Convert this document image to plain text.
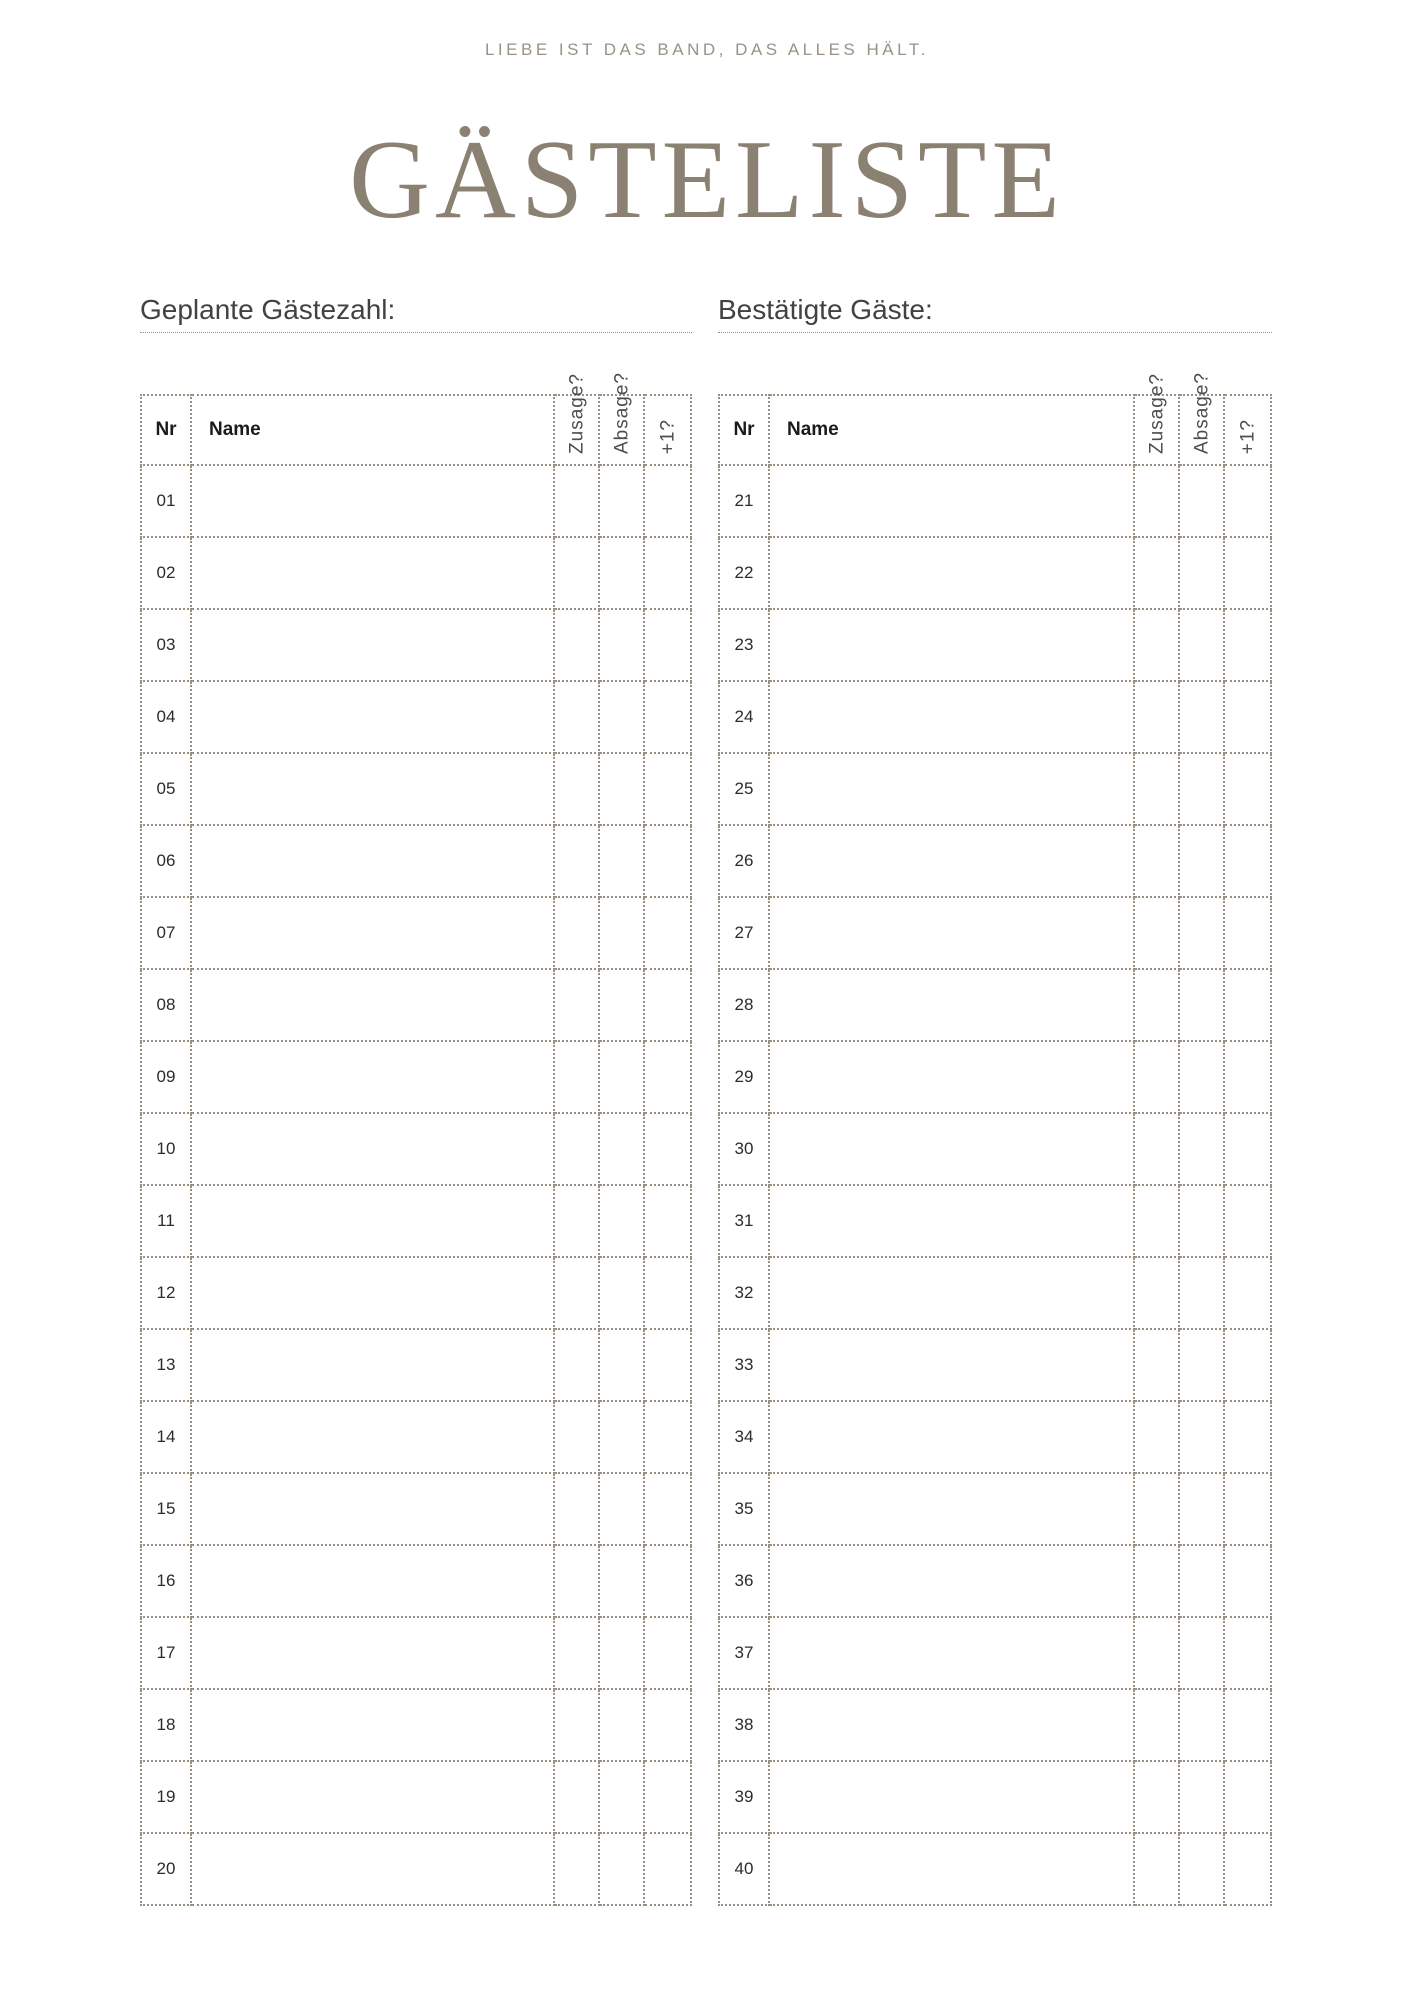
LIEBE IST DAS BAND, DAS ALLES HÄLT.
GÄSTELISTE
Geplante Gästezahl:
Nr	Name	Zusage?	Absage?	+1?

01				
02				
03				
04				
05				
06				
07				
08				
09				
10				
11				
12				
13				
14				
15				
16				
17				
18				
19				
20				
Bestätigte Gäste:
Nr	Name	Zusage?	Absage?	+1?

21				
22				
23				
24				
25				
26				
27				
28				
29				
30				
31				
32				
33				
34				
35				
36				
37				
38				
39				
40				
